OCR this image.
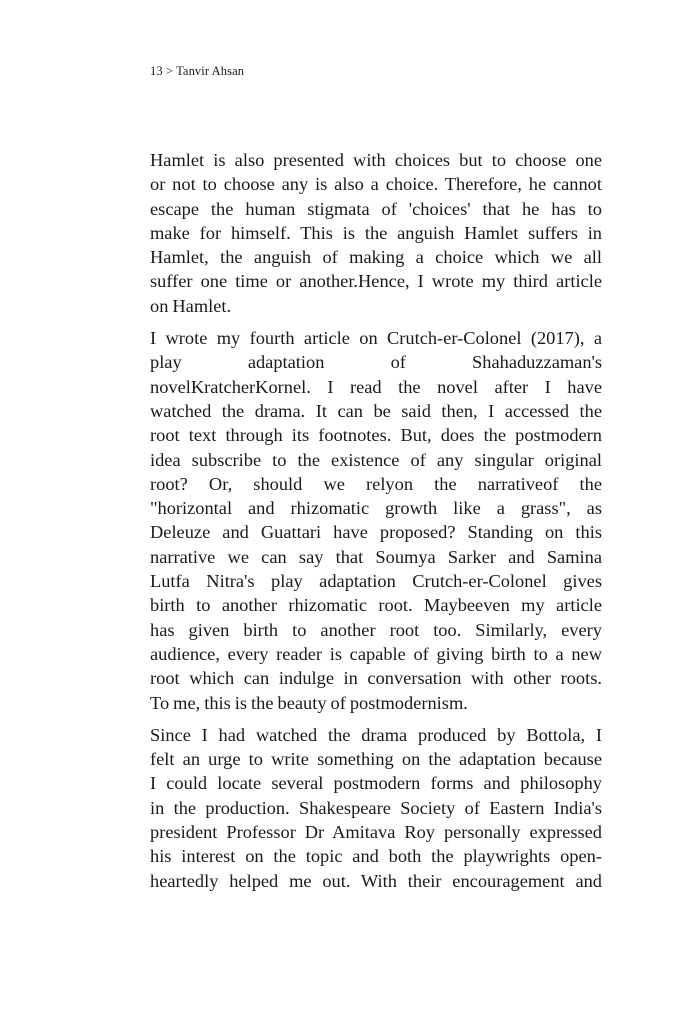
13 > Tanvir Ahsan
Hamlet is also presented with choices but to choose one
or not to choose any is also a choice. Therefore, he cannot
escape the human stigmata of 'choices' that he has to
make for himself. This is the anguish Hamlet suffers in
Hamlet, the anguish of making a choice which we all
suffer one time or another.Hence, I wrote my third article
on Hamlet.
I wrote my fourth article on Crutch-er-Colonel (2017), a
play adaptation of Shahaduzzaman's
novelKratcherKornel. I read the novel after I have
watched the drama. It can be said then, I accessed the
root text through its footnotes. But, does the postmodern
idea subscribe to the existence of any singular original
root? Or, should we relyon the narrativeof the
"horizontal and rhizomatic growth like a grass", as
Deleuze and Guattari have proposed? Standing on this
narrative we can say that Soumya Sarker and Samina
Lutfa Nitra's play adaptation Crutch-er-Colonel gives
birth to another rhizomatic root. Maybeeven my article
has given birth to another root too. Similarly, every
audience, every reader is capable of giving birth to a new
root which can indulge in conversation with other roots.
To me, this is the beauty of postmodernism.
Since I had watched the drama produced by Bottola, I
felt an urge to write something on the adaptation because
I could locate several postmodern forms and philosophy
in the production. Shakespeare Society of Eastern India's
president Professor Dr Amitava Roy personally expressed
his interest on the topic and both the playwrights open-
heartedly helped me out. With their encouragement and
